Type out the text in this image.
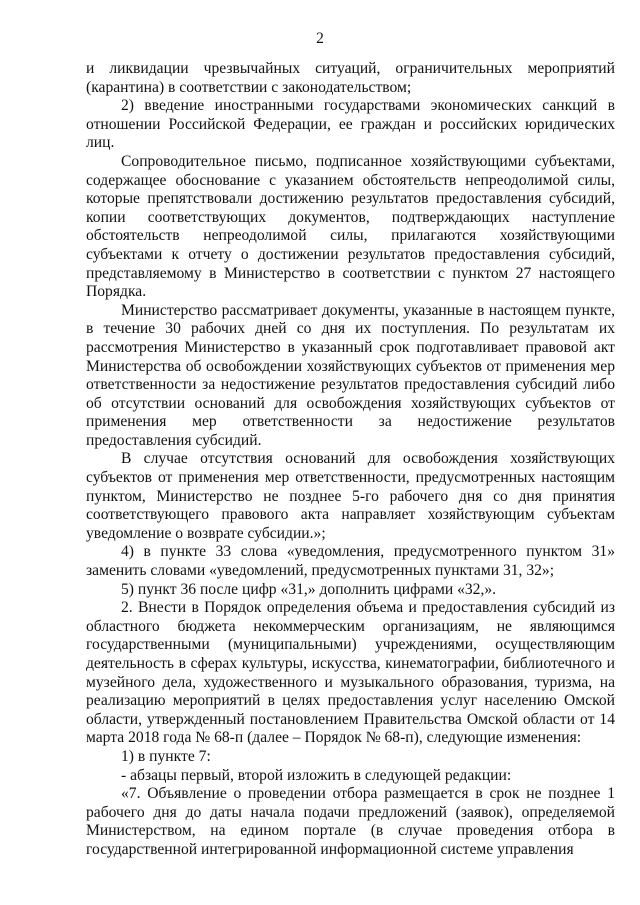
2

и ликвидации чрезвычайных ситуаций, ограничительных мероприятий (карантина) в соответствии с законодательством;

2) введение иностранными государствами экономических санкций в отношении Российской Федерации, ее граждан и российских юридических лиц.

Сопроводительное письмо, подписанное хозяйствующими субъектами, содержащее обоснование с указанием обстоятельств непреодолимой силы, которые препятствовали достижению результатов предоставления субсидий, копии соответствующих документов, подтверждающих наступление обстоятельств непреодолимой силы, прилагаются хозяйствующими субъектами к отчету о достижении результатов предоставления субсидий, представляемому в Министерство в соответствии с пунктом 27 настоящего Порядка.

Министерство рассматривает документы, указанные в настоящем пункте, в течение 30 рабочих дней со дня их поступления. По результатам их рассмотрения Министерство в указанный срок подготавливает правовой акт Министерства об освобождении хозяйствующих субъектов от применения мер ответственности за недостижение результатов предоставления субсидий либо об отсутствии оснований для освобождения хозяйствующих субъектов от применения мер ответственности за недостижение результатов предоставления субсидий.

В случае отсутствия оснований для освобождения хозяйствующих субъектов от применения мер ответственности, предусмотренных настоящим пунктом, Министерство не позднее 5-го рабочего дня со дня принятия соответствующего правового акта направляет хозяйствующим субъектам уведомление о возврате субсидии.»;

4) в пункте 33 слова «уведомления, предусмотренного пунктом 31» заменить словами «уведомлений, предусмотренных пунктами 31, 32»;

5) пункт 36 после цифр «31,» дополнить цифрами «32,».

2. Внести в Порядок определения объема и предоставления субсидий из областного бюджета некоммерческим организациям, не являющимся государственными (муниципальными) учреждениями, осуществляющим деятельность в сферах культуры, искусства, кинематографии, библиотечного и музейного дела, художественного и музыкального образования, туризма, на реализацию мероприятий в целях предоставления услуг населению Омской области, утвержденный постановлением Правительства Омской области от 14 марта 2018 года № 68-п (далее – Порядок № 68-п), следующие изменения:

1) в пункте 7:

- абзацы первый, второй изложить в следующей редакции:

«7. Объявление о проведении отбора размещается в срок не позднее 1 рабочего дня до даты начала подачи предложений (заявок), определяемой Министерством, на едином портале (в случае проведения отбора в государственной интегрированной информационной системе управления
